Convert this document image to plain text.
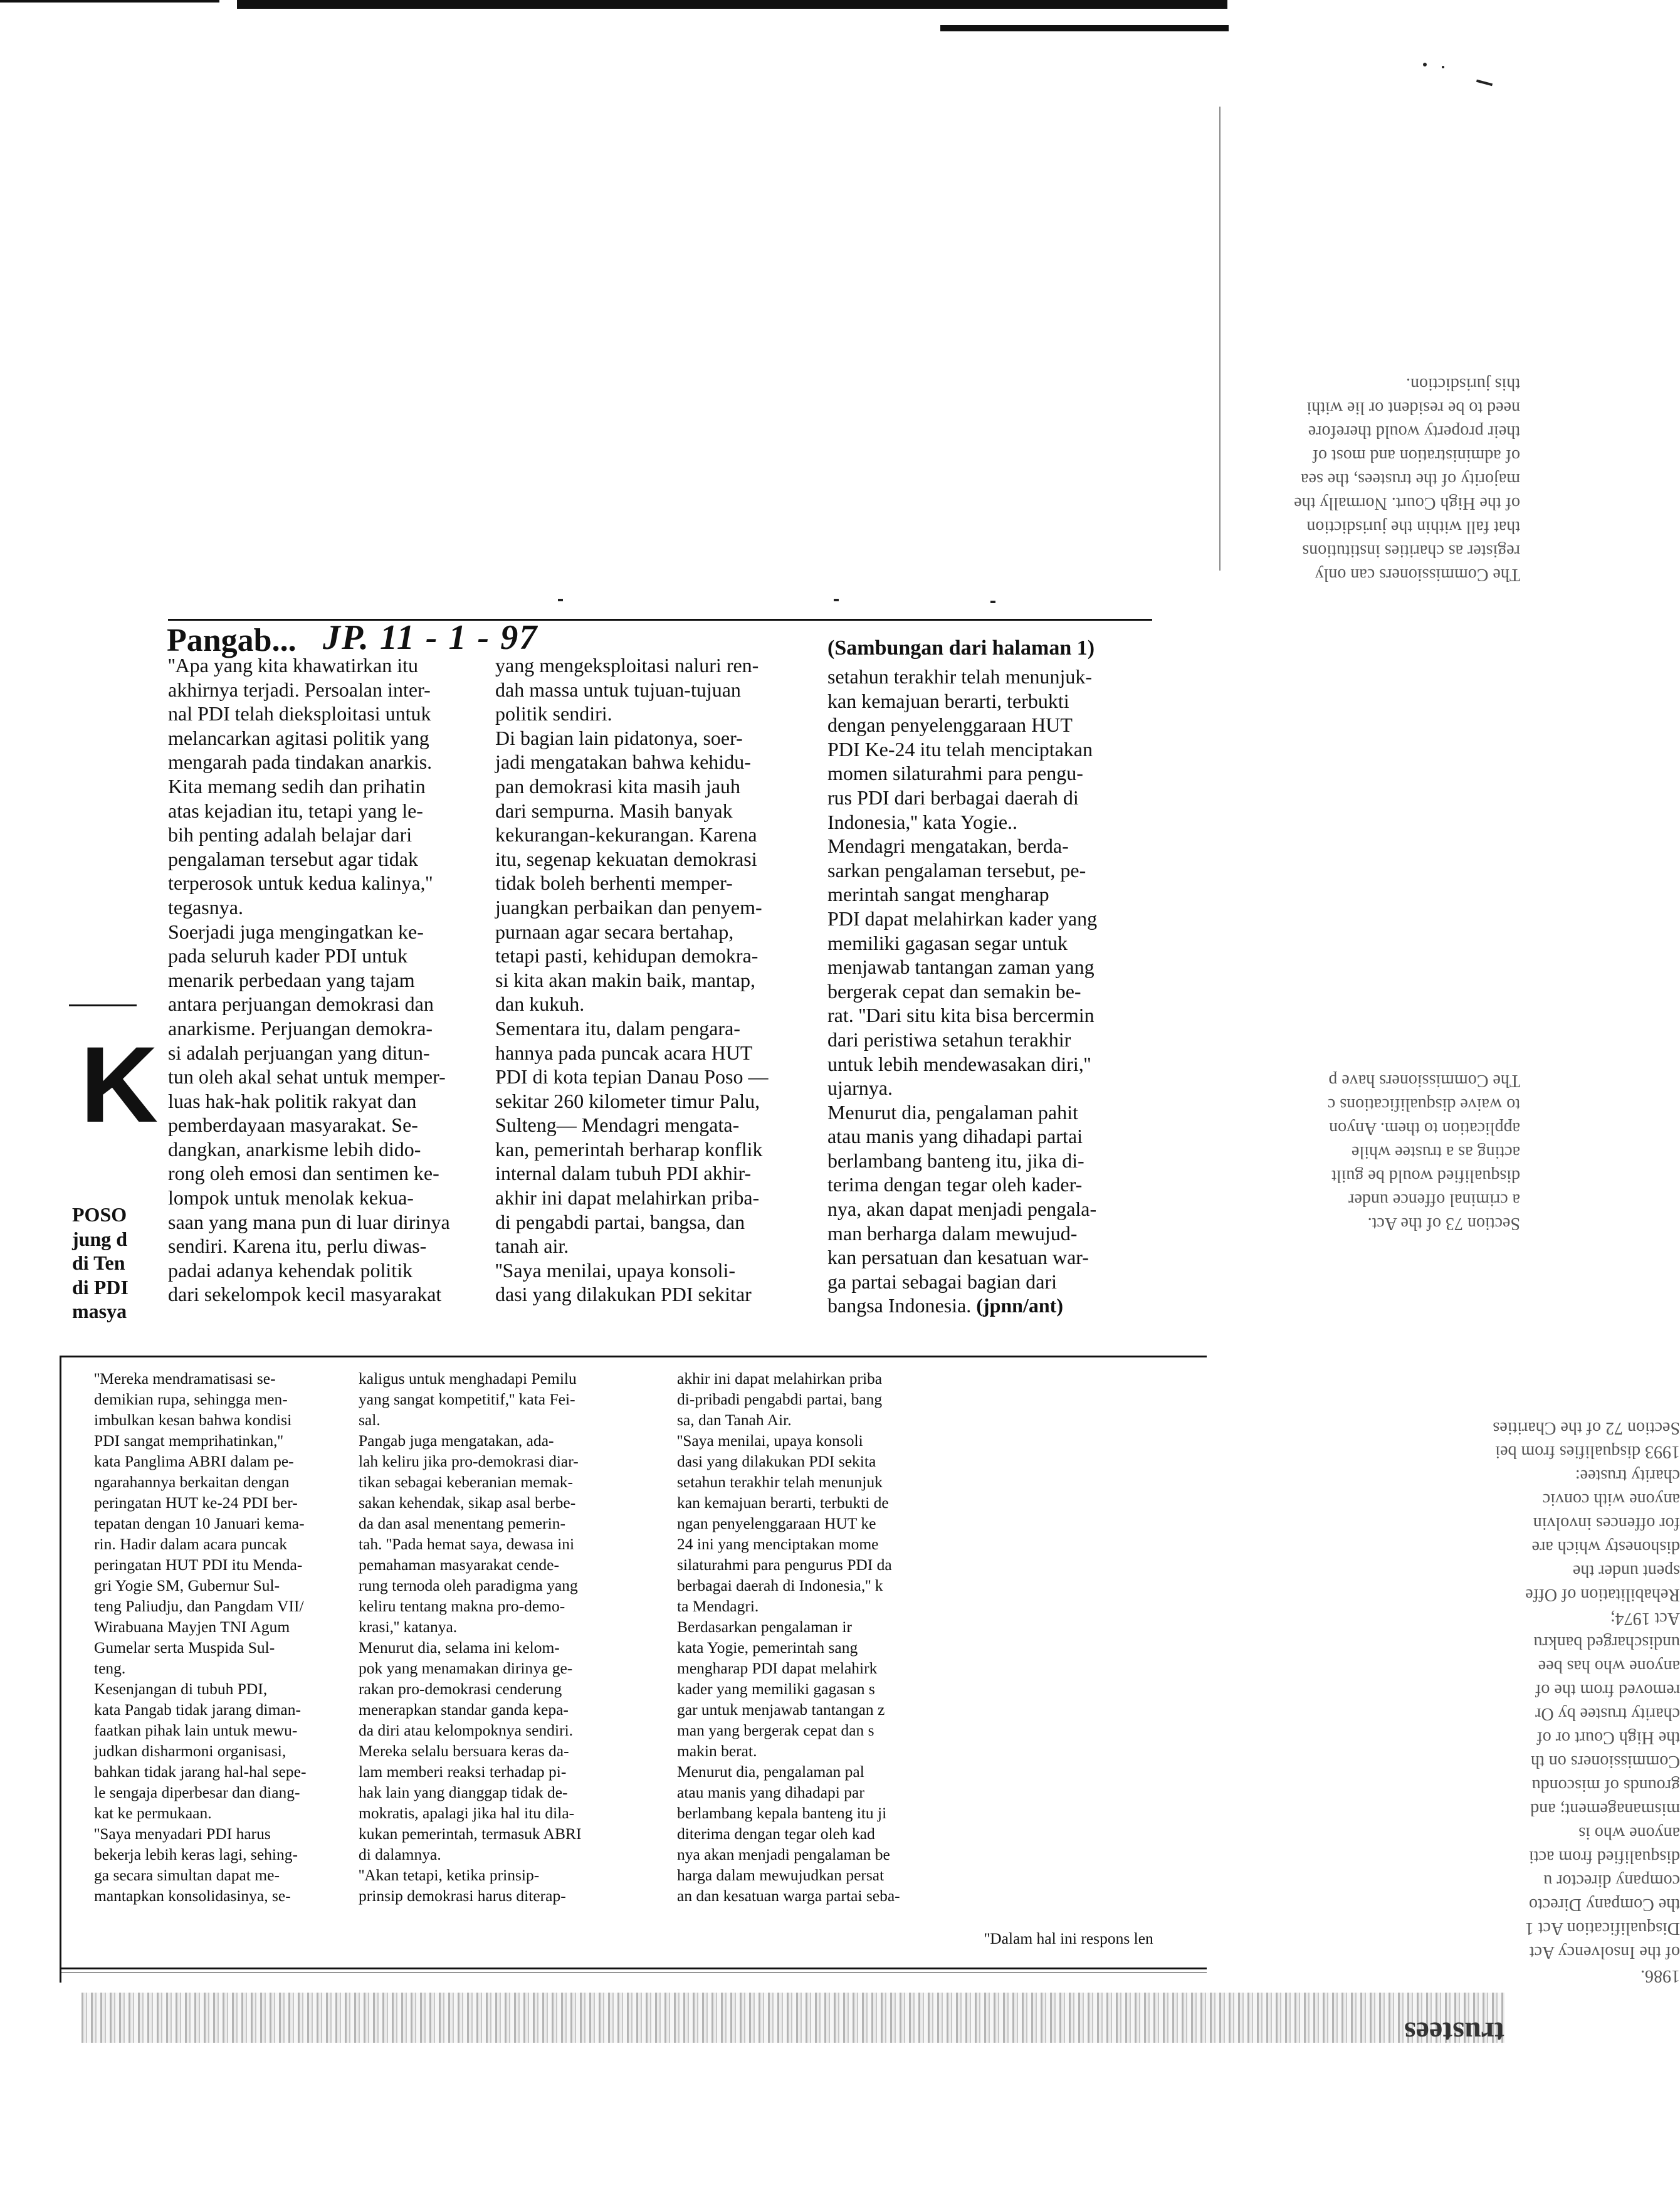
The Commissioners can only
register as charities institutions
that fall within the jurisdiction
of the High Court. Normally the
majority of the trustees, the sea
of administration and most of
their property would therefore
need to be resident or lie withi
this jurisdiction.
Section 73 of the Act.
a criminal offence under
disqualified would be guilt
acting as a trustee while
application to them. Anyon
to waive disqualifications c
The Commissioners have p
1986.
of the Insolvency Act
Disqualification Act 1
the Company Directo
company director u
disqualified from acti
anyone who is
mismanagement; and
grounds of miscondu
Commissioners on th
the High Court or of
charity trustee by Or
removed from the of
anyone who has bee
undischarged bankru
Act 1974;
Rehabilitation of Offe
spent under the
dishonesty which are
for offences involvin
anyone with convic
charity trustee:
1993 disqualifies from bei
Section 72 of the Charities
Pangab... JP. 11 - 1 - 97	(Sambungan dari halaman 1)
''Apa yang kita khawatirkan itu
akhirnya terjadi. Persoalan inter-
nal PDI telah dieksploitasi untuk
melancarkan agitasi politik yang
mengarah pada tindakan anarkis.
Kita memang sedih dan prihatin
atas kejadian itu, tetapi yang le-
bih penting adalah belajar dari
pengalaman tersebut agar tidak
terperosok untuk kedua kalinya,''
tegasnya.
Soerjadi juga mengingatkan ke-
pada seluruh kader PDI untuk
menarik perbedaan yang tajam
antara perjuangan demokrasi dan
anarkisme. Perjuangan demokra-
si adalah perjuangan yang ditun-
tun oleh akal sehat untuk memper-
luas hak-hak politik rakyat dan
pemberdayaan masyarakat. Se-
dangkan, anarkisme lebih dido-
rong oleh emosi dan sentimen ke-
lompok untuk menolak kekua-
saan yang mana pun di luar dirinya
sendiri. Karena itu, perlu diwas-
padai adanya kehendak politik
dari sekelompok kecil masyarakat
yang mengeksploitasi naluri ren-
dah massa untuk tujuan-tujuan
politik sendiri.
Di bagian lain pidatonya, soer-
jadi mengatakan bahwa kehidu-
pan demokrasi kita masih jauh
dari sempurna. Masih banyak
kekurangan-kekurangan. Karena
itu, segenap kekuatan demokrasi
tidak boleh berhenti memper-
juangkan perbaikan dan penyem-
purnaan agar secara bertahap,
tetapi pasti, kehidupan demokra-
si kita akan makin baik, mantap,
dan kukuh.
Sementara itu, dalam pengara-
hannya pada puncak acara HUT
PDI di kota tepian Danau Poso —
sekitar 260 kilometer timur Palu,
Sulteng— Mendagri mengata-
kan, pemerintah berharap konflik
internal dalam tubuh PDI akhir-
akhir ini dapat melahirkan priba-
di pengabdi partai, bangsa, dan
tanah air.
''Saya menilai, upaya konsoli-
dasi yang dilakukan PDI sekitar
setahun terakhir telah menunjuk-
kan kemajuan berarti, terbukti
dengan penyelenggaraan HUT
PDI Ke-24 itu telah menciptakan
momen silaturahmi para pengu-
rus PDI dari berbagai daerah di
Indonesia,'' kata Yogie..
Mendagri mengatakan, berda-
sarkan pengalaman tersebut, pe-
merintah sangat mengharap
PDI dapat melahirkan kader yang
memiliki gagasan segar untuk
menjawab tantangan zaman yang
bergerak cepat dan semakin be-
rat. ''Dari situ kita bisa bercermin
dari peristiwa setahun terakhir
untuk lebih mendewasakan diri,''
ujarnya.
Menurut dia, pengalaman pahit
atau manis yang dihadapi partai
berlambang banteng itu, jika di-
terima dengan tegar oleh kader-
nya, akan dapat menjadi pengala-
man berharga dalam mewujud-
kan persatuan dan kesatuan war-
ga partai sebagai bagian dari
bangsa Indonesia. (jpnn/ant)
K
POSO
jung d
di Ten
di PDI
masya
''Mereka mendramatisasi se-
demikian rupa, sehingga men-
imbulkan kesan bahwa kondisi
PDI sangat memprihatinkan,''
kata Panglima ABRI dalam pe-
ngarahannya berkaitan dengan
peringatan HUT ke-24 PDI ber-
tepatan dengan 10 Januari kema-
rin. Hadir dalam acara puncak
peringatan HUT PDI itu Menda-
gri Yogie SM, Gubernur Sul-
teng Paliudju, dan Pangdam VII/
Wirabuana Mayjen TNI Agum
Gumelar serta Muspida Sul-
teng.
Kesenjangan di tubuh PDI,
kata Pangab tidak jarang diman-
faatkan pihak lain untuk mewu-
judkan disharmoni organisasi,
bahkan tidak jarang hal-hal sepe-
le sengaja diperbesar dan diang-
kat ke permukaan.
''Saya menyadari PDI harus
bekerja lebih keras lagi, sehing-
ga secara simultan dapat me-
mantapkan konsolidasinya, se-
kaligus untuk menghadapi Pemilu
yang sangat kompetitif,'' kata Fei-
sal.
Pangab juga mengatakan, ada-
lah keliru jika pro-demokrasi diar-
tikan sebagai keberanian memak-
sakan kehendak, sikap asal berbe-
da dan asal menentang pemerin-
tah. ''Pada hemat saya, dewasa ini
pemahaman masyarakat cende-
rung ternoda oleh paradigma yang
keliru tentang makna pro-demo-
krasi,'' katanya.
Menurut dia, selama ini kelom-
pok yang menamakan dirinya ge-
rakan pro-demokrasi cenderung
menerapkan standar ganda kepa-
da diri atau kelompoknya sendiri.
Mereka selalu bersuara keras da-
lam memberi reaksi terhadap pi-
hak lain yang dianggap tidak de-
mokratis, apalagi jika hal itu dila-
kukan pemerintah, termasuk ABRI
di dalamnya.
''Akan tetapi, ketika prinsip-
prinsip demokrasi harus diterap-
akhir ini dapat melahirkan priba
di-pribadi pengabdi partai, bang
sa, dan Tanah Air.
''Saya menilai, upaya konsoli
dasi yang dilakukan PDI sekita
setahun terakhir telah menunjuk
kan kemajuan berarti, terbukti de
ngan penyelenggaraan HUT ke
24 ini yang menciptakan mome
silaturahmi para pengurus PDI da
berbagai daerah di Indonesia,'' k
ta Mendagri.
Berdasarkan pengalaman ir
kata Yogie, pemerintah sang
mengharap PDI dapat melahirk
kader yang memiliki gagasan s
gar untuk menjawab tantangan z
man yang bergerak cepat dan s
makin berat.
Menurut dia, pengalaman pal
atau manis yang dihadapi par
berlambang kepala banteng itu ji
diterima dengan tegar oleh kad
nya akan menjadi pengalaman be
harga dalam mewujudkan persat
an dan kesatuan warga partai seba-
''Dalam hal ini respons len
trustees
